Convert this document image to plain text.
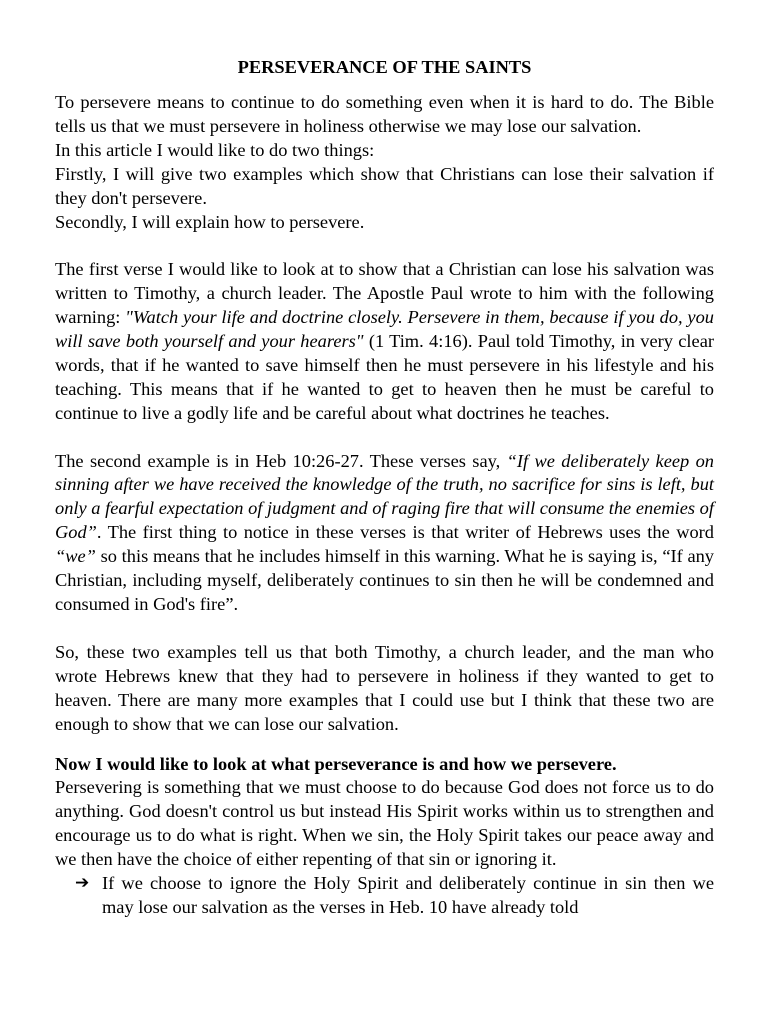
PERSEVERANCE OF THE SAINTS

To persevere means to continue to do something even when it is hard to do. The Bible tells us that we must persevere in holiness otherwise we may lose our salvation.

In this article I would like to do two things:

Firstly, I will give two examples which show that Christians can lose their salvation if they don't persevere.

Secondly, I will explain how to persevere.

The first verse I would like to look at to show that a Christian can lose his salvation was written to Timothy, a church leader. The Apostle Paul wrote to him with the following warning: "Watch your life and doctrine closely. Persevere in them, because if you do, you will save both yourself and your hearers" (1 Tim. 4:16). Paul told Timothy, in very clear words, that if he wanted to save himself then he must persevere in his lifestyle and his teaching. This means that if he wanted to get to heaven then he must be careful to continue to live a godly life and be careful about what doctrines he teaches.

The second example is in Heb 10:26-27. These verses say, “If we deliberately keep on sinning after we have received the knowledge of the truth, no sacrifice for sins is left, but only a fearful expectation of judgment and of raging fire that will consume the enemies of God”. The first thing to notice in these verses is that writer of Hebrews uses the word “we” so this means that he includes himself in this warning. What he is saying is, “If any Christian, including myself, deliberately continues to sin then he will be condemned and consumed in God's fire”.

So, these two examples tell us that both Timothy, a church leader, and the man who wrote Hebrews knew that they had to persevere in holiness if they wanted to get to heaven. There are many more examples that I could use but I think that these two are enough to show that we can lose our salvation.

Now I would like to look at what perseverance is and how we persevere.

Persevering is something that we must choose to do because God does not force us to do anything. God doesn't control us but instead His Spirit works within us to strengthen and encourage us to do what is right. When we sin, the Holy Spirit takes our peace away and we then have the choice of either repenting of that sin or ignoring it.

➔ If we choose to ignore the Holy Spirit and deliberately continue in sin then we may lose our salvation as the verses in Heb. 10 have already told
